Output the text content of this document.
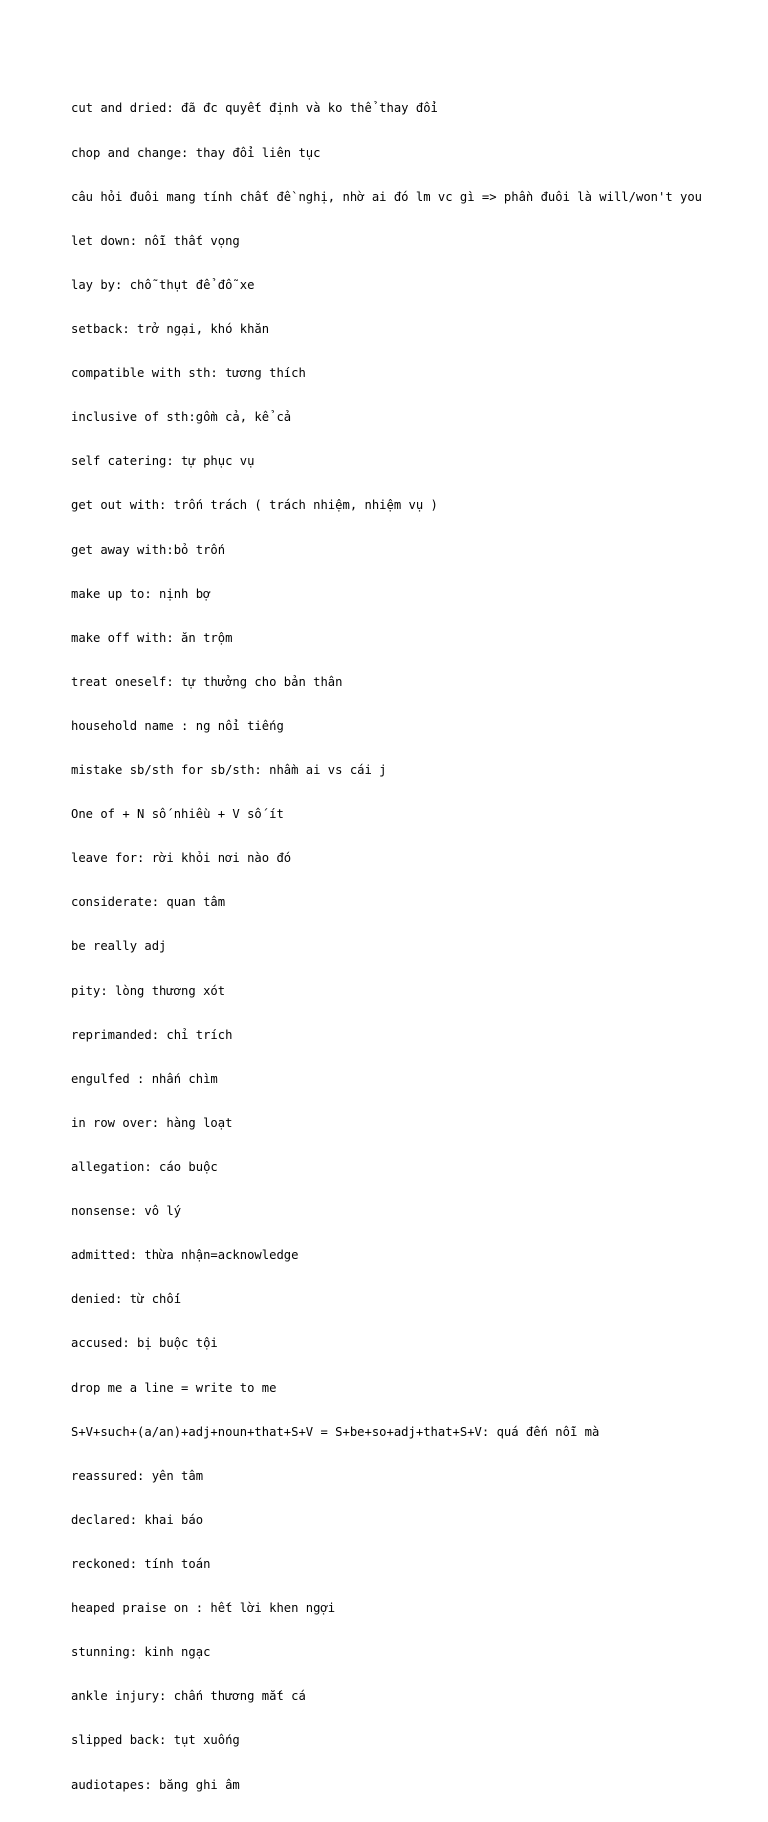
cut and dried: đã đc quyết định và ko thể thay đổi

chop and change: thay đổi liên tục

câu hỏi đuôi mang tính chất đề nghị, nhờ ai đó lm vc gì => phần đuôi là will/won't you

let down: nỗi thất vọng

lay by: chỗ thụt để đỗ xe

setback: trở ngại, khó khăn

compatible with sth: tương thích

inclusive of sth:gồm cả, kể cả

self catering: tự phục vụ

get out with: trốn trách ( trách nhiệm, nhiệm vụ )

get away with:bỏ trốn

make up to: nịnh bợ

make off with: ăn trộm

treat oneself: tự thưởng cho bản thân

household name : ng nổi tiếng

mistake sb/sth for sb/sth: nhầm ai vs cái j

One of + N số nhiều + V số ít

leave for: rời khỏi nơi nào đó

considerate: quan tâm

be really adj

pity: lòng thương xót

reprimanded: chỉ trích

engulfed : nhấn chìm

in row over: hàng loạt

allegation: cáo buộc

nonsense: vô lý

admitted: thừa nhận=acknowledge

denied: từ chối

accused: bị buộc tội

drop me a line = write to me

S+V+such+(a/an)+adj+noun+that+S+V = S+be+so+adj+that+S+V: quá đến nỗi mà

reassured: yên tâm

declared: khai báo

reckoned: tính toán

heaped praise on : hết lời khen ngợi

stunning: kinh ngạc

ankle injury: chấn thương mắt cá

slipped back: tụt xuống

audiotapes: băng ghi âm
